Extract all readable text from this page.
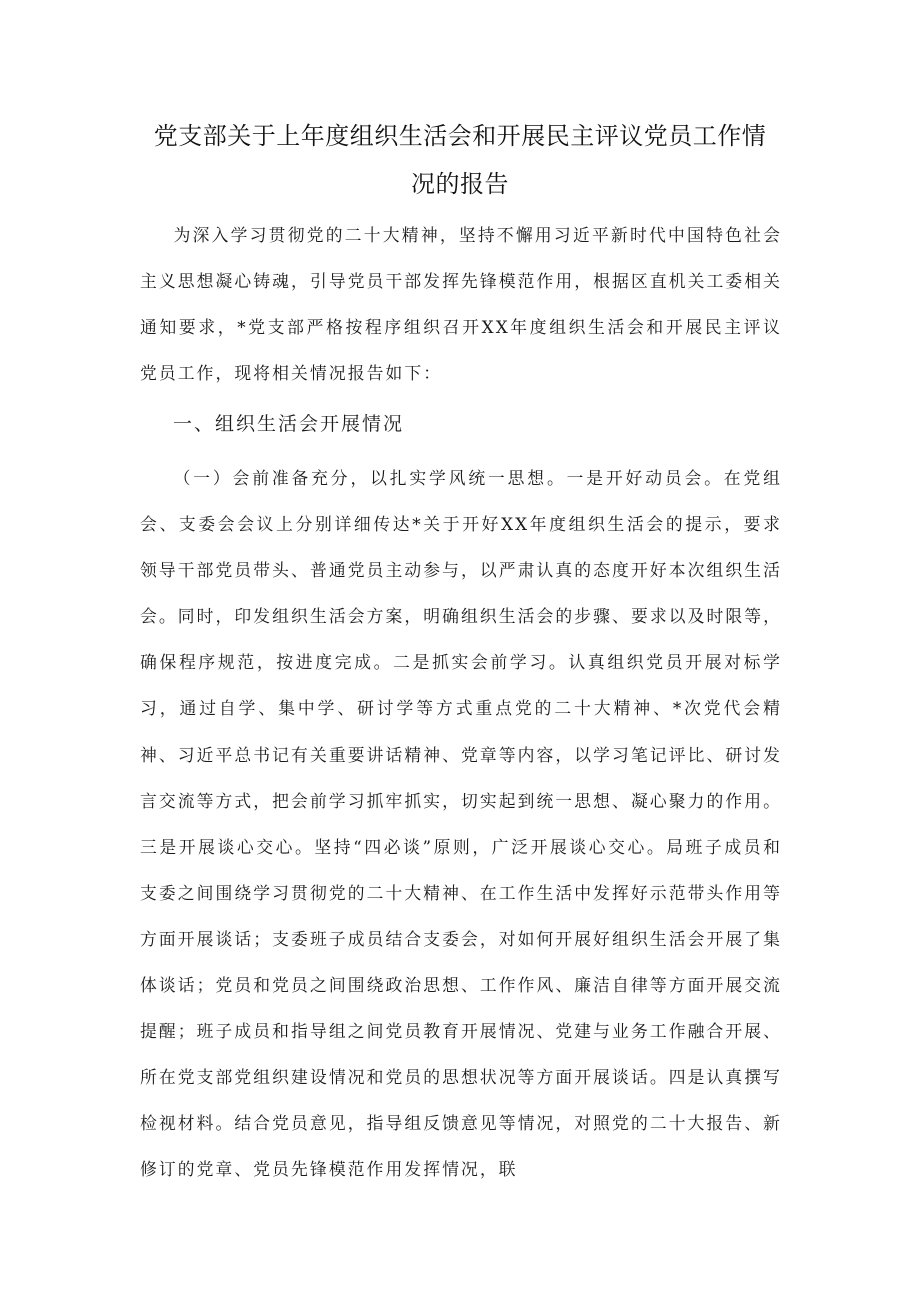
党支部关于上年度组织生活会和开展民主评议党员工作情
况的报告

为深入学习贯彻党的二十大精神，坚持不懈用习近平新时代中国特色社会主义思想凝心铸魂，引导党员干部发挥先锋模范作用，根据区直机关工委相关通知要求，*党支部严格按程序组织召开XX年度组织生活会和开展民主评议党员工作，现将相关情况报告如下：

一、组织生活会开展情况

（一）会前准备充分，以扎实学风统一思想。一是开好动员会。在党组会、支委会会议上分别详细传达*关于开好XX年度组织生活会的提示，要求领导干部党员带头、普通党员主动参与，以严肃认真的态度开好本次组织生活会。同时，印发组织生活会方案，明确组织生活会的步骤、要求以及时限等，确保程序规范，按进度完成。二是抓实会前学习。认真组织党员开展对标学习，通过自学、集中学、研讨学等方式重点党的二十大精神、*次党代会精神、习近平总书记有关重要讲话精神、党章等内容，以学习笔记评比、研讨发言交流等方式，把会前学习抓牢抓实，切实起到统一思想、凝心聚力的作用。三是开展谈心交心。坚持“四必谈”原则，广泛开展谈心交心。局班子成员和支委之间围绕学习贯彻党的二十大精神、在工作生活中发挥好示范带头作用等方面开展谈话；支委班子成员结合支委会，对如何开展好组织生活会开展了集体谈话；党员和党员之间围绕政治思想、工作作风、廉洁自律等方面开展交流提醒；班子成员和指导组之间党员教育开展情况、党建与业务工作融合开展、所在党支部党组织建设情况和党员的思想状况等方面开展谈话。四是认真撰写检视材料。结合党员意见，指导组反馈意见等情况，对照党的二十大报告、新修订的党章、党员先锋模范作用发挥情况，联
